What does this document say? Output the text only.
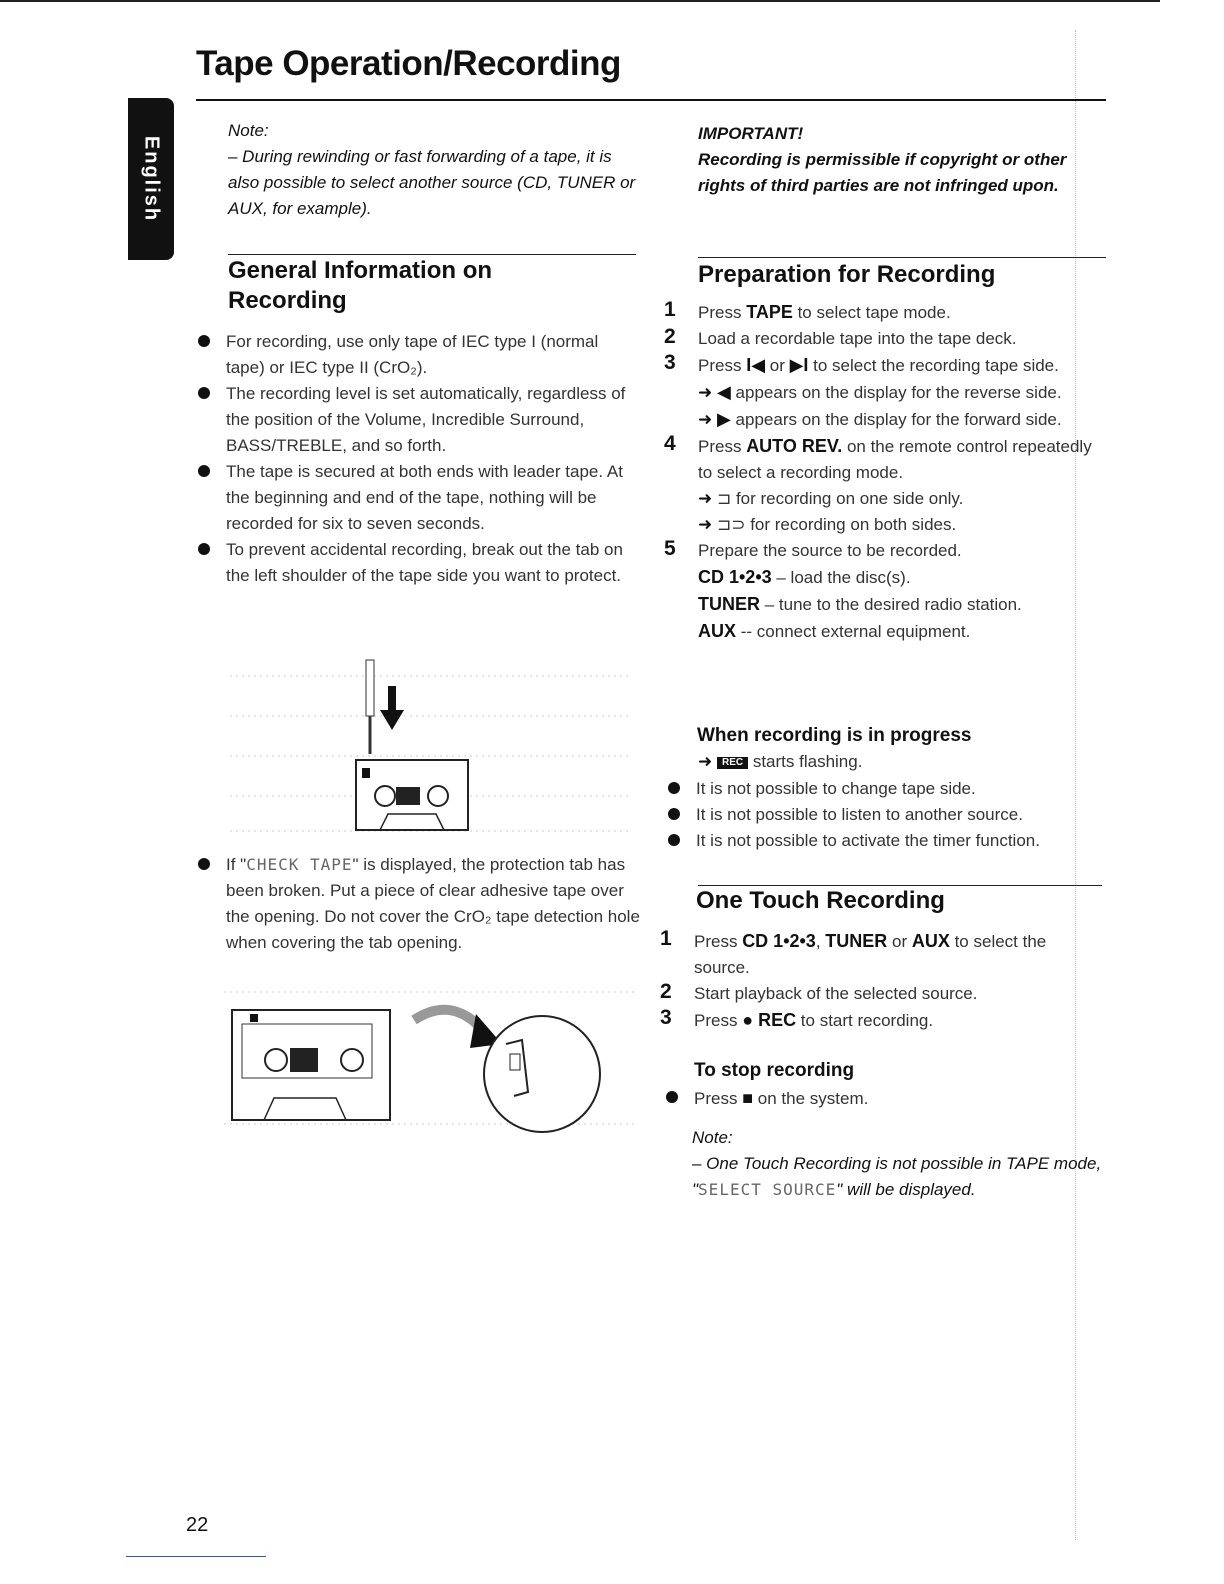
Tape Operation/Recording
English
Note:
– During rewinding or fast forwarding of a tape, it is also possible to select another source (CD, TUNER or AUX, for example).
General Information on Recording
For recording, use only tape of IEC type I (normal tape) or IEC type II (CrO₂).
The recording level is set automatically, regardless of the position of the Volume, Incredible Surround, BASS/TREBLE, and so forth.
The tape is secured at both ends with leader tape. At the beginning and end of the tape, nothing will be recorded for six to seven seconds.
To prevent accidental recording, break out the tab on the left shoulder of the tape side you want to protect.
If "CHECK TAPE" is displayed, the protection tab has been broken. Put a piece of clear adhesive tape over the opening. Do not cover the CrO₂ tape detection hole when covering the tab opening.
IMPORTANT!
Recording is permissible if copyright or other rights of third parties are not infringed upon.
Preparation for Recording
1 Press TAPE to select tape mode.
2 Load a recordable tape into the tape deck.
3 Press I◀ or ▶I to select the recording tape side.

➜ ◀ appears on the display for the reverse side.

➜ ▶ appears on the display for the forward side.

4 Press AUTO REV. on the remote control repeatedly to select a recording mode.

➜ ⊐ for recording on one side only.

➜ ⊐⊃ for recording on both sides.

5 Prepare the source to be recorded.

CD 1•2•3 – load the disc(s).

TUNER – tune to the desired radio station.

AUX -- connect external equipment.

When recording is in progress

➜ REC starts flashing.

It is not possible to change tape side.
It is not possible to listen to another source.
It is not possible to activate the timer function.
One Touch Recording
1 Press CD 1•2•3, TUNER or AUX to select the source.
2 Start playback of the selected source.
3 Press ● REC to start recording.
To stop recording
Press ■ on the system.
Note:
– One Touch Recording is not possible in TAPE mode, "SELECT SOURCE" will be displayed.
22
